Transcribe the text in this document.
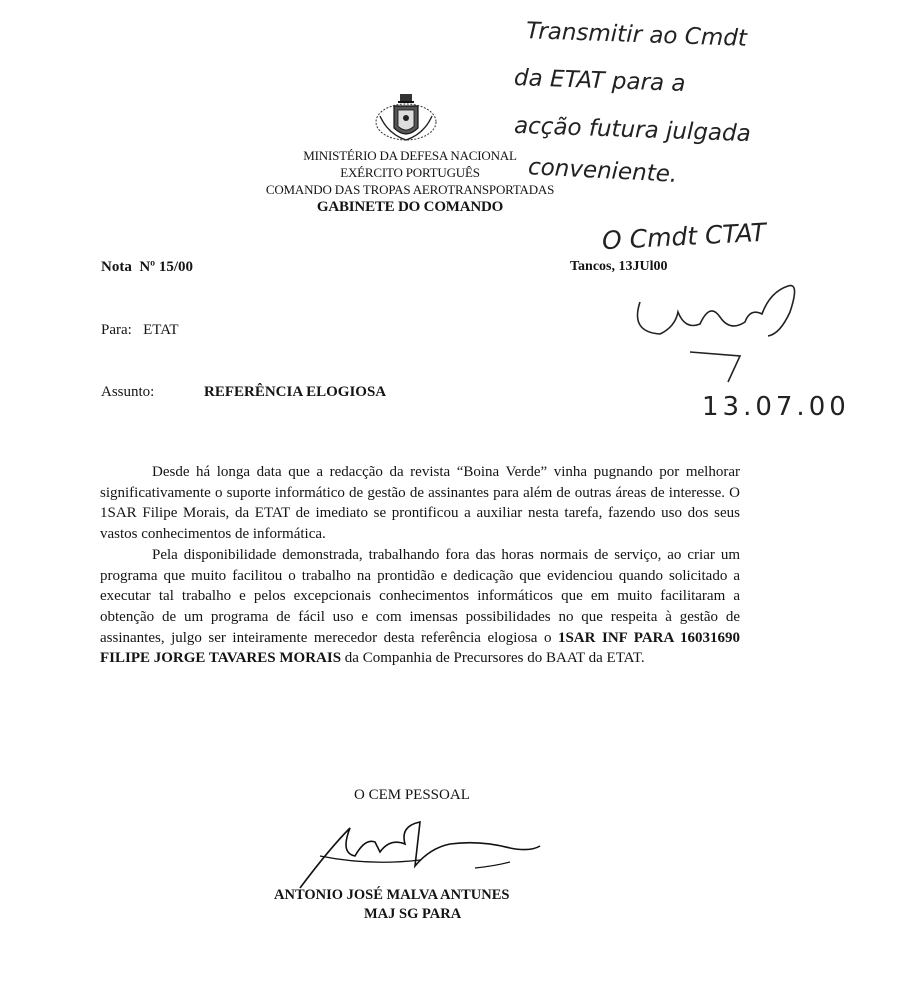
MINISTÉRIO DA DEFESA NACIONAL
EXÉRCITO PORTUGUÊS
COMANDO DAS TROPAS AEROTRANSPORTADAS
GABINETE DO COMANDO
Nota Nº 15/00	Tancos, 13JUl00
Para: ETAT
Assunto:	REFERÊNCIA ELOGIOSA

Desde há longa data que a redacção da revista “Boina Verde” vinha pugnando por melhorar significativamente o suporte informático de gestão de assinantes para além de outras áreas de interesse. O 1SAR Filipe Morais, da ETAT de imediato se prontificou a auxiliar nesta tarefa, fazendo uso dos seus vastos conhecimentos de informática.

Pela disponibilidade demonstrada, trabalhando fora das horas normais de serviço, ao criar um programa que muito facilitou o trabalho na prontidão e dedicação que evidenciou quando solicitado a executar tal trabalho e pelos excepcionais conhecimentos informáticos que em muito facilitaram a obtenção de um programa de fácil uso e com imensas possibilidades no que respeita à gestão de assinantes, julgo ser inteiramente merecedor desta referência elogiosa o 1SAR INF PARA 16031690 FILIPE JORGE TAVARES MORAIS da Companhia de Precursores do BAAT da ETAT.

O CEM PESSOAL
ANTONIO JOSÉ MALVA ANTUNES
MAJ SG PARA
Transmitir ao Cmdt
da ETAT para a
acção futura julgada
conveniente.
O Cmdt CTAT
13.07.00
